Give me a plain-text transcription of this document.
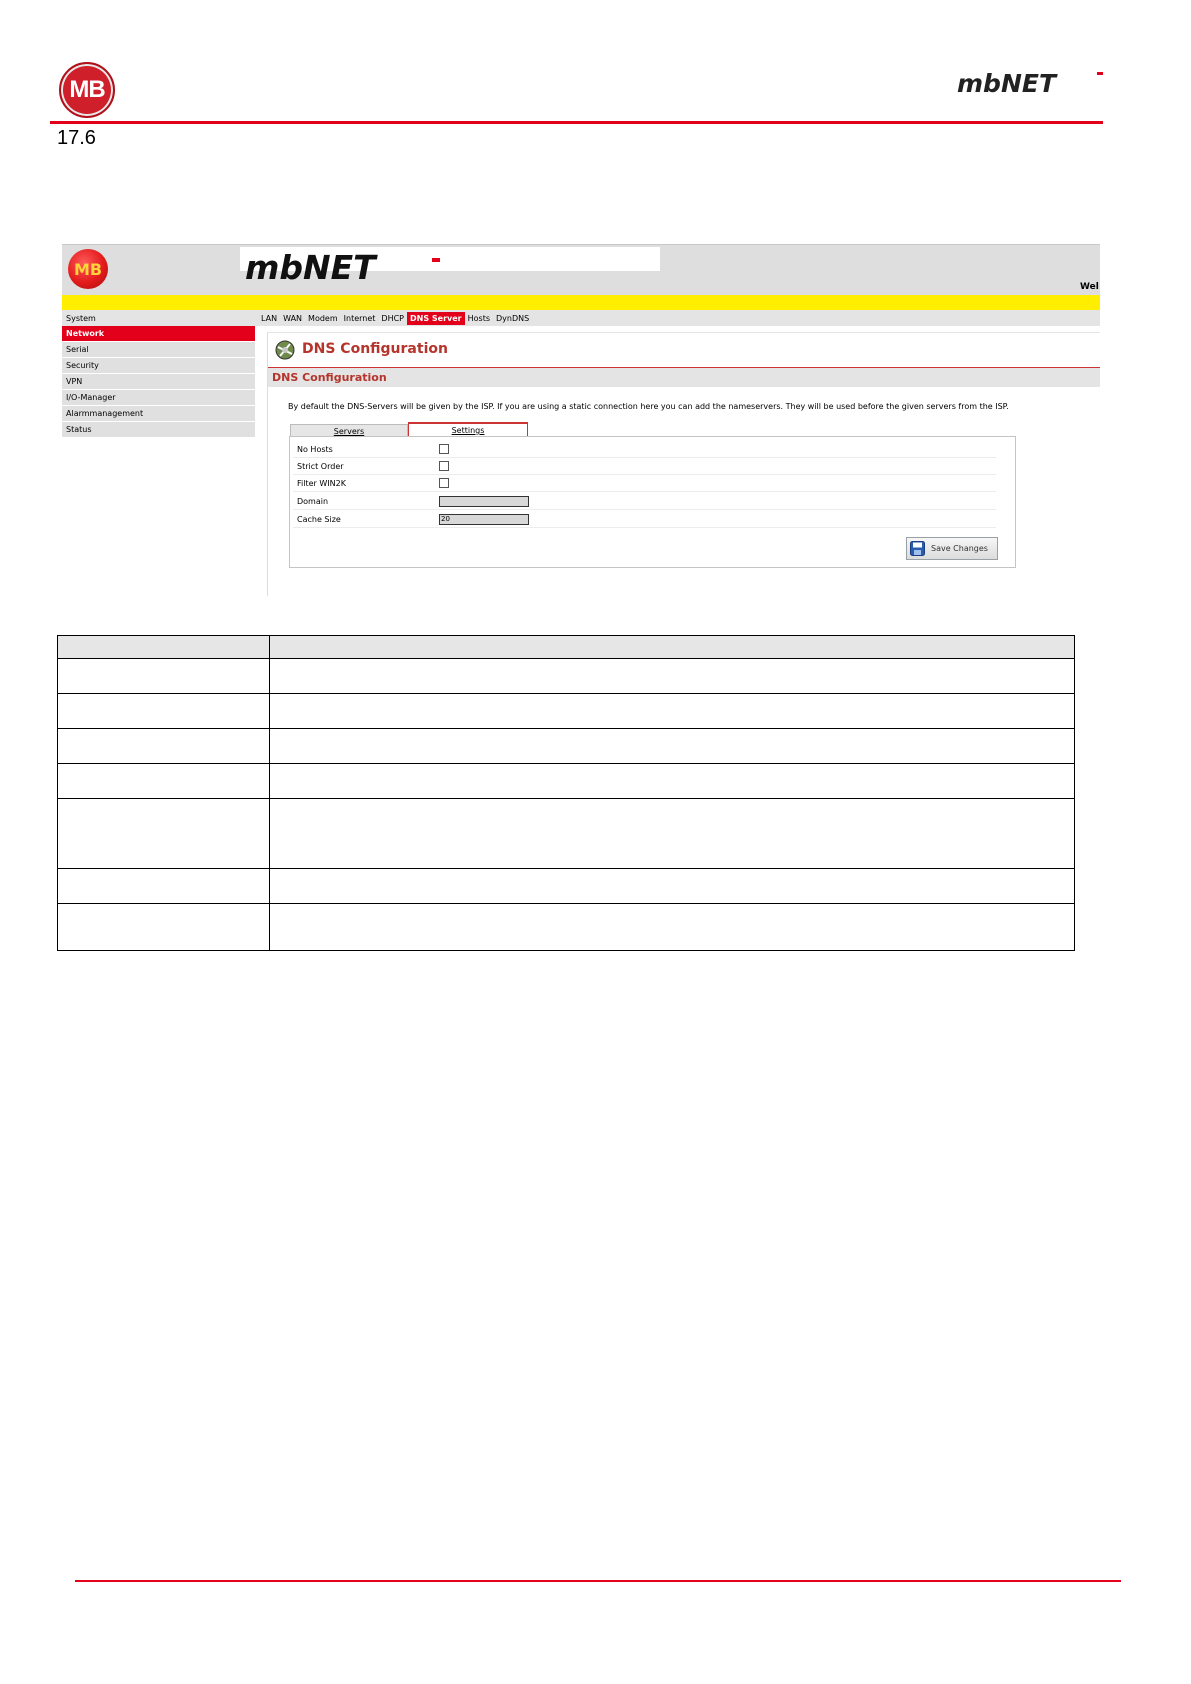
MB	mbNET
17.6
MB	mbNET	Wel
System	LAN WAN Modem Internet DHCP DNS Server Hosts DynDNS
Network
Serial
Security
VPN
I/O-Manager
Alarmmanagement
Status
DNS Configuration
DNS Configuration
By default the DNS-Servers will be given by the ISP. If you are using a static connection here you can add the nameservers. They will be used before the given servers from the ISP.
Servers	Settings
No Hosts
Strict Order
Filter WIN2K
Domain
Cache Size	20
Save Changes
